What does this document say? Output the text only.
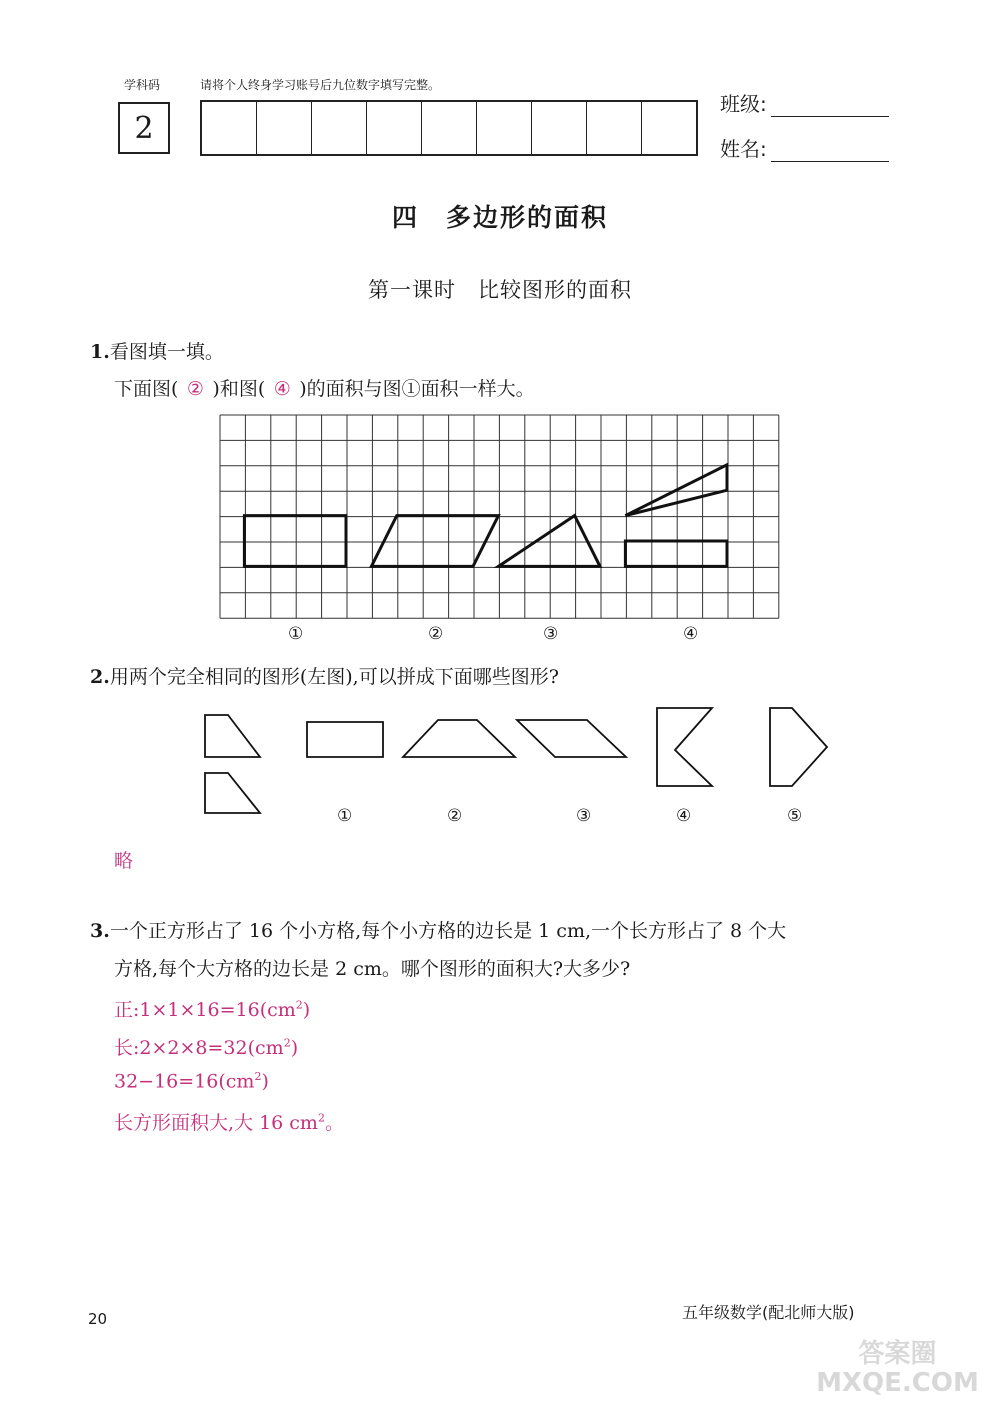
学科码	请将个人终身学习账号后九位数字填写完整。
2
班级:
姓名:
四　多边形的面积
第一课时　比较图形的面积
1.看图填一填。
下面图( ② )和图( ④ )的面积与图①面积一样大。
①	②	③	④
2.用两个完全相同的图形(左图),可以拼成下面哪些图形?
①	②	③	④	⑤
略
3.一个正方形占了 16 个小方格,每个小方格的边长是 1 cm,一个长方形占了 8 个大
方格,每个大方格的边长是 2 cm。哪个图形的面积大?大多少?
正$:1\times 1\times 16=16(cm^2)$
长$:2\times 2\times 8=32(cm^2)$
$32-16=16(cm^2)$
长方形面积大,大 16 $cm^2$。
20	五年级数学(配北师大版)
答案圈 MXQE.COM
